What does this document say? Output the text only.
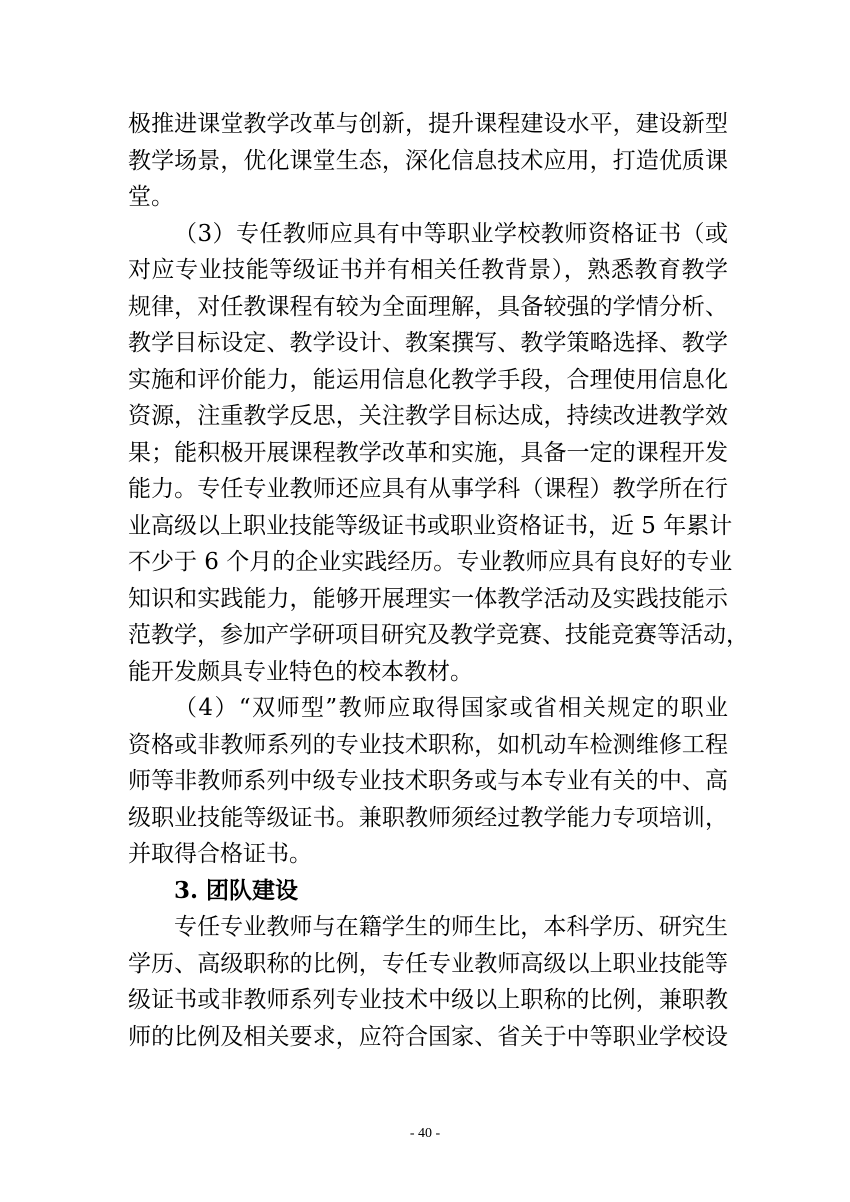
极推进课堂教学改革与创新，提升课程建设水平，建设新型
教学场景，优化课堂生态，深化信息技术应用，打造优质课
堂。
（3）专任教师应具有中等职业学校教师资格证书（或
对应专业技能等级证书并有相关任教背景），熟悉教育教学
规律，对任教课程有较为全面理解，具备较强的学情分析、
教学目标设定、教学设计、教案撰写、教学策略选择、教学
实施和评价能力，能运用信息化教学手段，合理使用信息化
资源，注重教学反思，关注教学目标达成，持续改进教学效
果；能积极开展课程教学改革和实施，具备一定的课程开发
能力。专任专业教师还应具有从事学科（课程）教学所在行
业高级以上职业技能等级证书或职业资格证书，近 5 年累计
不少于 6 个月的企业实践经历。专业教师应具有良好的专业
知识和实践能力，能够开展理实一体教学活动及实践技能示
范教学，参加产学研项目研究及教学竞赛、技能竞赛等活动，
能开发颇具专业特色的校本教材。
（4）“双师型”教师应取得国家或省相关规定的职业
资格或非教师系列的专业技术职称，如机动车检测维修工程
师等非教师系列中级专业技术职务或与本专业有关的中、高
级职业技能等级证书。兼职教师须经过教学能力专项培训，
并取得合格证书。
3. 团队建设
专任专业教师与在籍学生的师生比，本科学历、研究生
学历、高级职称的比例，专任专业教师高级以上职业技能等
级证书或非教师系列专业技术中级以上职称的比例，兼职教
师的比例及相关要求，应符合国家、省关于中等职业学校设
- 40 -
